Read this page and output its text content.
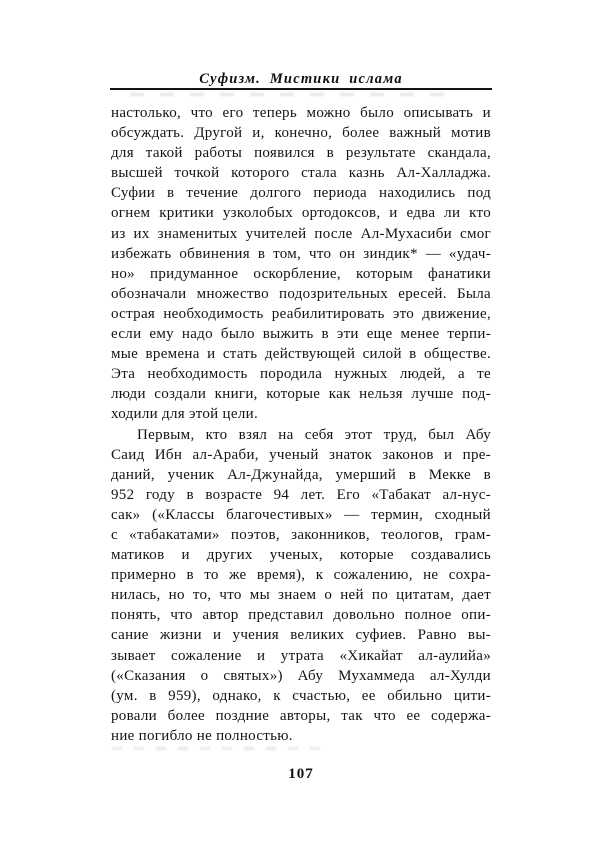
Суфизм. Мистики ислама
настолько, что его теперь можно было описывать и
обсуждать. Другой и, конечно, более важный мотив
для такой работы появился в результате скандала,
высшей точкой которого стала казнь Ал-Халладжа.
Суфии в течение долгого периода находились под
огнем критики узколобых ортодоксов, и едва ли кто
из их знаменитых учителей после Ал-Мухасиби смог
избежать обвинения в том, что он зиндик* — «удач-
но» придуманное оскорбление, которым фанатики
обозначали множество подозрительных ересей. Была
острая необходимость реабилитировать это движение,
если ему надо было выжить в эти еще менее терпи-
мые времена и стать действующей силой в обществе.
Эта необходимость породила нужных людей, а те
люди создали книги, которые как нельзя лучше под-
ходили для этой цели.
Первым, кто взял на себя этот труд, был Абу
Саид Ибн ал-Араби, ученый знаток законов и пре-
даний, ученик Ал-Джунайда, умерший в Мекке в
952 году в возрасте 94 лет. Его «Табакат ал-нус-
сак» («Классы благочестивых» — термин, сходный
с «табакатами» поэтов, законников, теологов, грам-
матиков и других ученых, которые создавались
примерно в то же время), к сожалению, не сохра-
нилась, но то, что мы знаем о ней по цитатам, дает
понять, что автор представил довольно полное опи-
сание жизни и учения великих суфиев. Равно вы-
зывает сожаление и утрата «Хикайат ал-аулийа»
(«Сказания о святых») Абу Мухаммеда ал-Хулди
(ум. в 959), однако, к счастью, ее обильно цити-
ровали более поздние авторы, так что ее содержа-
ние погибло не полностью.
107
